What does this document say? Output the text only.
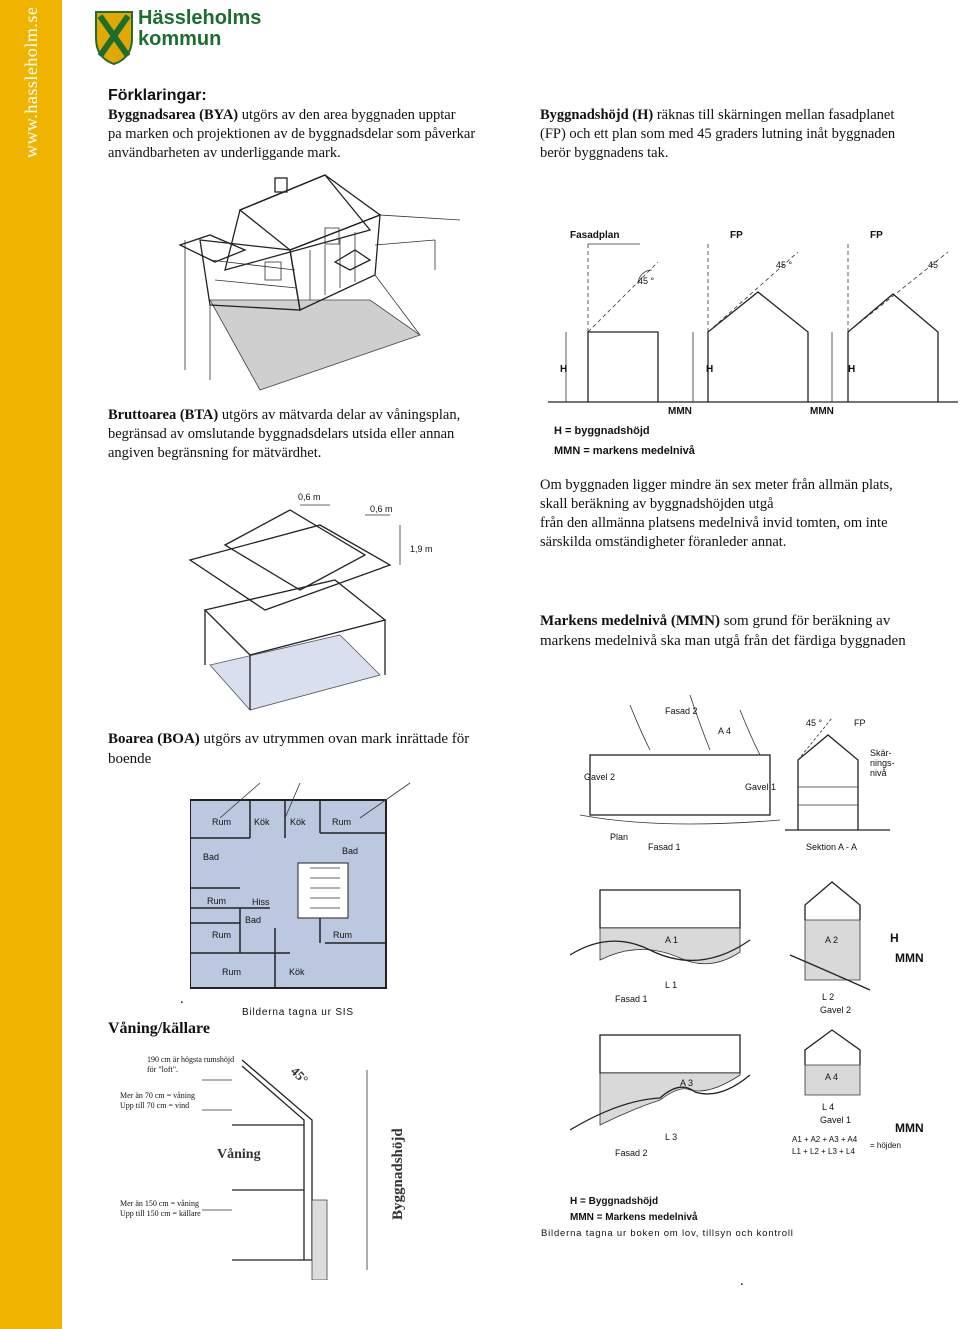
www.hassleholm.se	Hässleholms
kommun
Förklaringar:
Byggnadsarea (BYA) utgörs av den area byggnaden upptar
pa marken och projektionen av de byggnadsdelar som påverkar
användbarheten av underliggande mark.
Byggnadshöjd (H) räknas till skärningen mellan fasadplanet
(FP) och ett plan som med 45 graders lutning inåt byggnaden
berör byggnadens tak.
Fasadplan	FP	FP
45 °
45 °	45
H	H	H
MMN	MMN
H = byggnadshöjd
MMN = markens medelnivå
Bruttoarea (BTA) utgörs av mätvarda delar av våningsplan,
begränsad av omslutande byggnadsdelars utsida eller annan
angiven begränsning for mätvärdhet.
0,6 m
0,6 m
1,9 m
Om byggnaden ligger mindre än sex meter från allmän plats,
skall beräkning av byggnadshöjden utgå
från den allmänna platsens medelnivå invid tomten, om inte
särskilda omständigheter föranleder annat.
Markens medelnivå (MMN) som grund för beräkning av
markens medelnivå ska man utgå från det färdiga byggnaden
Boarea (BOA) utgörs av utrymmen ovan mark inrättade för
boende
Rum	Kök Kök	Rum
Bad
Bad
Rum	Hiss
Bad
Rum	Rum
Rum	Kök
Fasad 2
Gavel 2
Gavel 1
Plan
Fasad 1
A 4
45 °	FP
Skär-
nings-
nivå
Sektion A - A
A 1
L 1
Fasad 1
A 2
L 2
Gavel 2
H
MMN
A 3
L 3
Fasad 2
A 4
L 4
Gavel 1
A1 + A2 + A3 + A4
L1 + L2 + L3 + L4
= höjden
MMN
H = Byggnadshöjd
MMN = Markens medelnivå
.
Våning/källare
Bilderna tagna ur SIS
190 cm är högsta rumshöjd
för "loft".
Mer än 70 cm = våning
Upp till 70 cm = vind
Mer än 150 cm = våning
Upp till 150 cm = källare
Våning
45°
Byggnadshöjd
Bilderna tagna ur boken om lov, tillsyn och kontroll
.
